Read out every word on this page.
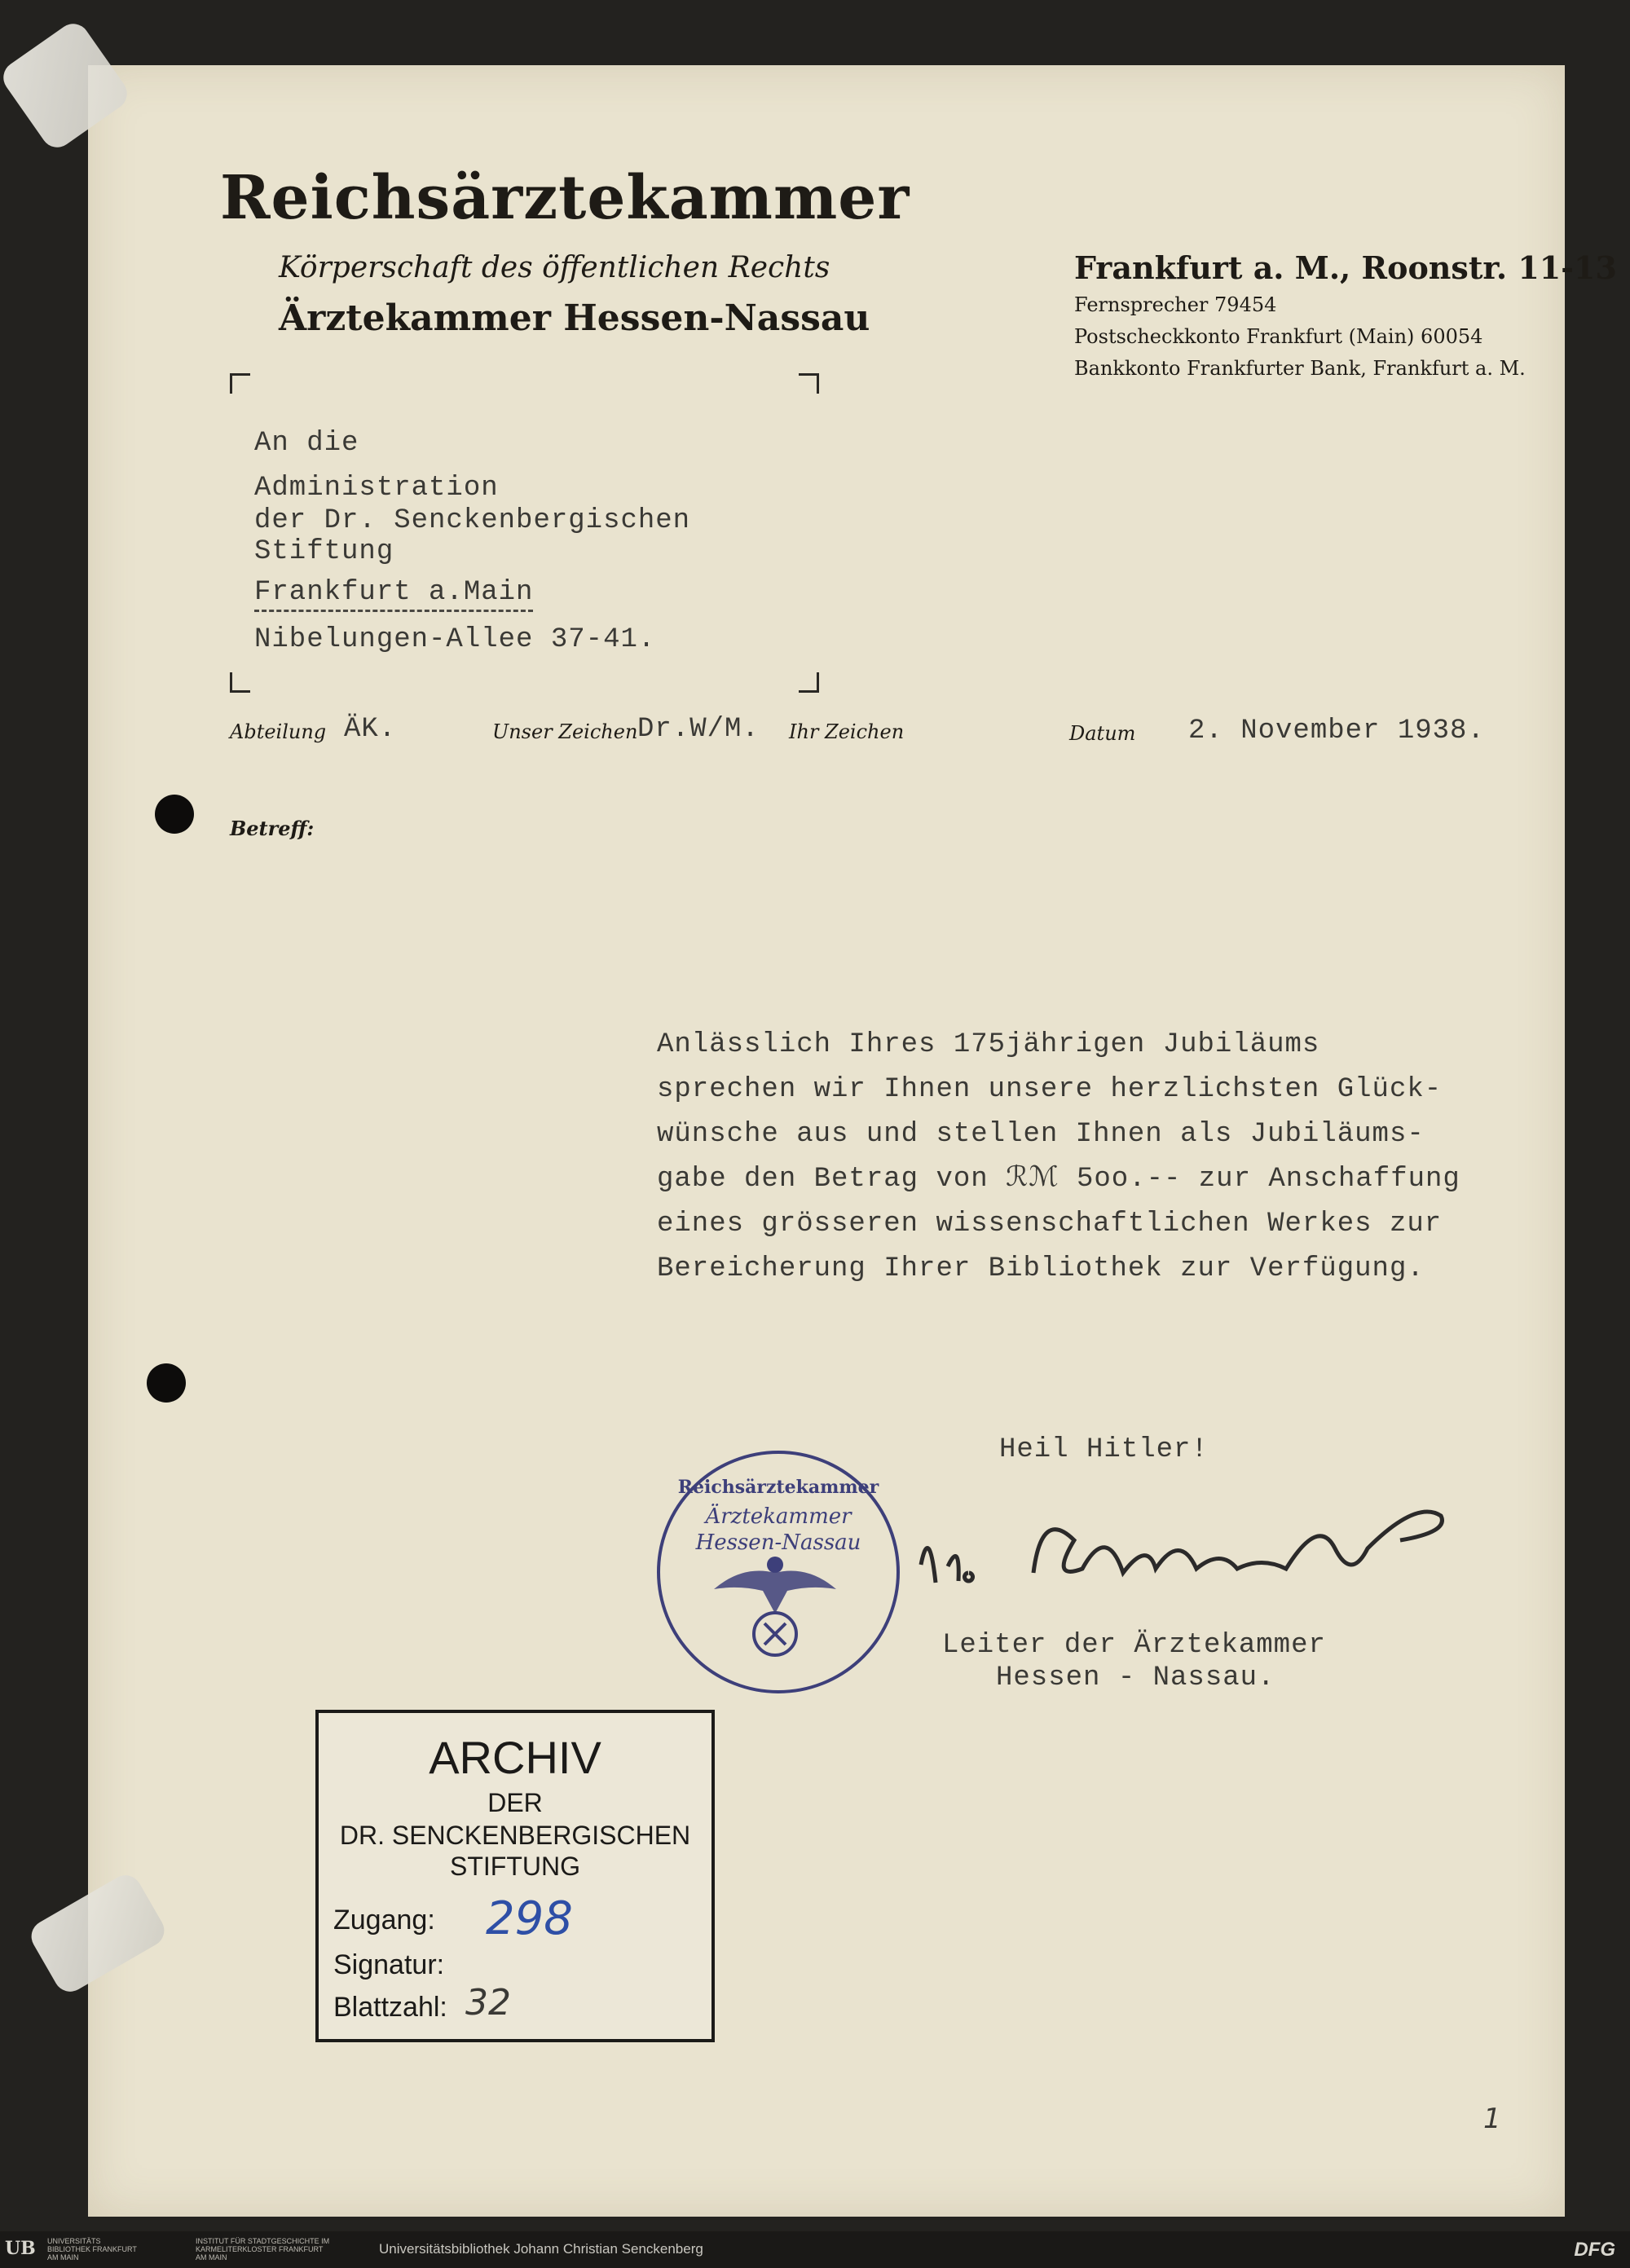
Reichsärztekammer
Körperschaft des öffentlichen Rechts
Ärztekammer Hessen-Nassau
Frankfurt a. M., Roonstr. 11-13
Fernsprecher 79454
Postscheckkonto Frankfurt (Main) 60054
Bankkonto Frankfurter Bank, Frankfurt a. M.
An die
Administration
der Dr. Senckenbergischen
Stiftung
Frankfurt a.Main
Nibelungen-Allee 37-41.
Abteilung ÄK.	Unser Zeichen Dr.W/M. Ihr Zeichen	Datum 2. November 1938.
Betreff:
Anlässlich Ihres 175jährigen Jubiläums
sprechen wir Ihnen unsere herzlichsten Glück-
wünsche aus und stellen Ihnen als Jubiläums-
gabe den Betrag von ℛℳ 5oo.-- zur Anschaffung
eines grösseren wissenschaftlichen Werkes zur
Bereicherung Ihrer Bibliothek zur Verfügung.
Heil Hitler!
Reichsärztekammer
Ärztekammer
Hessen-Nassau
Leiter der Ärztekammer
Hessen - Nassau.
ARCHIV
DER
DR. SENCKENBERGISCHEN
STIFTUNG
Zugang: 298
Signatur:
Blattzahl: 32
1
UB UNIVERSITÄTS BIBLIOTHEK FRANKFURT AM MAIN
INSTITUT FÜR STADTGESCHICHTE IM KARMELITERKLOSTER FRANKFURT AM MAIN
Universitätsbibliothek Johann Christian Senckenberg	DFG
